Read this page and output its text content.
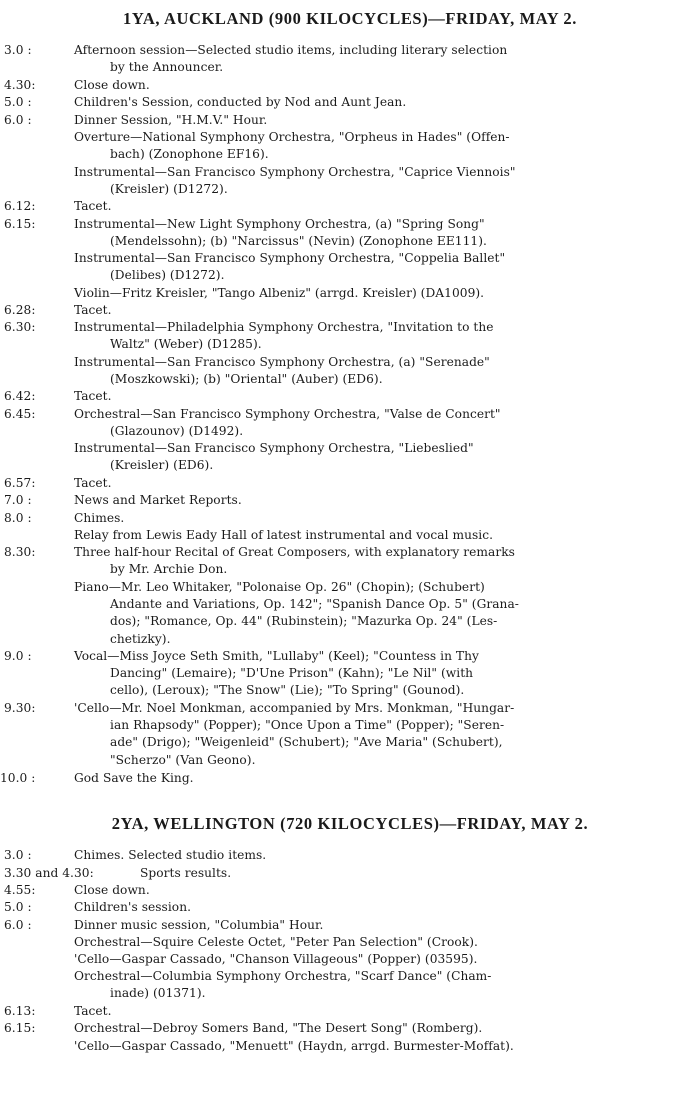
1YA, AUCKLAND (900 KILOCYCLES)—FRIDAY, MAY 2.
3.0 :	Afternoon session—Selected studio items, including literary selection
by the Announcer.
4.30:	Close down.
5.0 :	Children's Session, conducted by Nod and Aunt Jean.
6.0 :	Dinner Session, "H.M.V." Hour.
Overture—National Symphony Orchestra, "Orpheus in Hades" (Offen-
bach) (Zonophone EF16).
Instrumental—San Francisco Symphony Orchestra, "Caprice Viennois"
(Kreisler) (D1272).
6.12:	Tacet.
6.15:	Instrumental—New Light Symphony Orchestra, (a) "Spring Song"
(Mendelssohn); (b) "Narcissus" (Nevin) (Zonophone EE111).
Instrumental—San Francisco Symphony Orchestra, "Coppelia Ballet"
(Delibes) (D1272).
Violin—Fritz Kreisler, "Tango Albeniz" (arrgd. Kreisler) (DA1009).
6.28:	Tacet.
6.30:	Instrumental—Philadelphia Symphony Orchestra, "Invitation to the
Waltz" (Weber) (D1285).
Instrumental—San Francisco Symphony Orchestra, (a) "Serenade"
(Moszkowski); (b) "Oriental" (Auber) (ED6).
6.42:	Tacet.
6.45:	Orchestral—San Francisco Symphony Orchestra, "Valse de Concert"
(Glazounov) (D1492).
Instrumental—San Francisco Symphony Orchestra, "Liebeslied"
(Kreisler) (ED6).
6.57:	Tacet.
7.0 :	News and Market Reports.
8.0 :	Chimes.
Relay from Lewis Eady Hall of latest instrumental and vocal music.
8.30:	Three half-hour Recital of Great Composers, with explanatory remarks
by Mr. Archie Don.
Piano—Mr. Leo Whitaker, "Polonaise Op. 26" (Chopin); (Schubert)
Andante and Variations, Op. 142"; "Spanish Dance Op. 5" (Grana-
dos); "Romance, Op. 44" (Rubinstein); "Mazurka Op. 24" (Les-
chetizky).
9.0 :	Vocal—Miss Joyce Seth Smith, "Lullaby" (Keel); "Countess in Thy
Dancing" (Lemaire); "D'Une Prison" (Kahn); "Le Nil" (with
cello), (Leroux); "The Snow" (Lie); "To Spring" (Gounod).
9.30:	'Cello—Mr. Noel Monkman, accompanied by Mrs. Monkman, "Hungar-
ian Rhapsody" (Popper); "Once Upon a Time" (Popper); "Seren-
ade" (Drigo); "Weigenleid" (Schubert); "Ave Maria" (Schubert),
"Scherzo" (Van Geono).
10.0 :	God Save the King.
2YA, WELLINGTON (720 KILOCYCLES)—FRIDAY, MAY 2.
3.0 :	Chimes. Selected studio items.
3.30 and 4.30:	Sports results.
4.55:	Close down.
5.0 :	Children's session.
6.0 :	Dinner music session, "Columbia" Hour.
Orchestral—Squire Celeste Octet, "Peter Pan Selection" (Crook).
'Cello—Gaspar Cassado, "Chanson Villageous" (Popper) (03595).
Orchestral—Columbia Symphony Orchestra, "Scarf Dance" (Cham-
inade) (01371).
6.13:	Tacet.
6.15:	Orchestral—Debroy Somers Band, "The Desert Song" (Romberg).
'Cello—Gaspar Cassado, "Menuett" (Haydn, arrgd. Burmester-Moffat).
